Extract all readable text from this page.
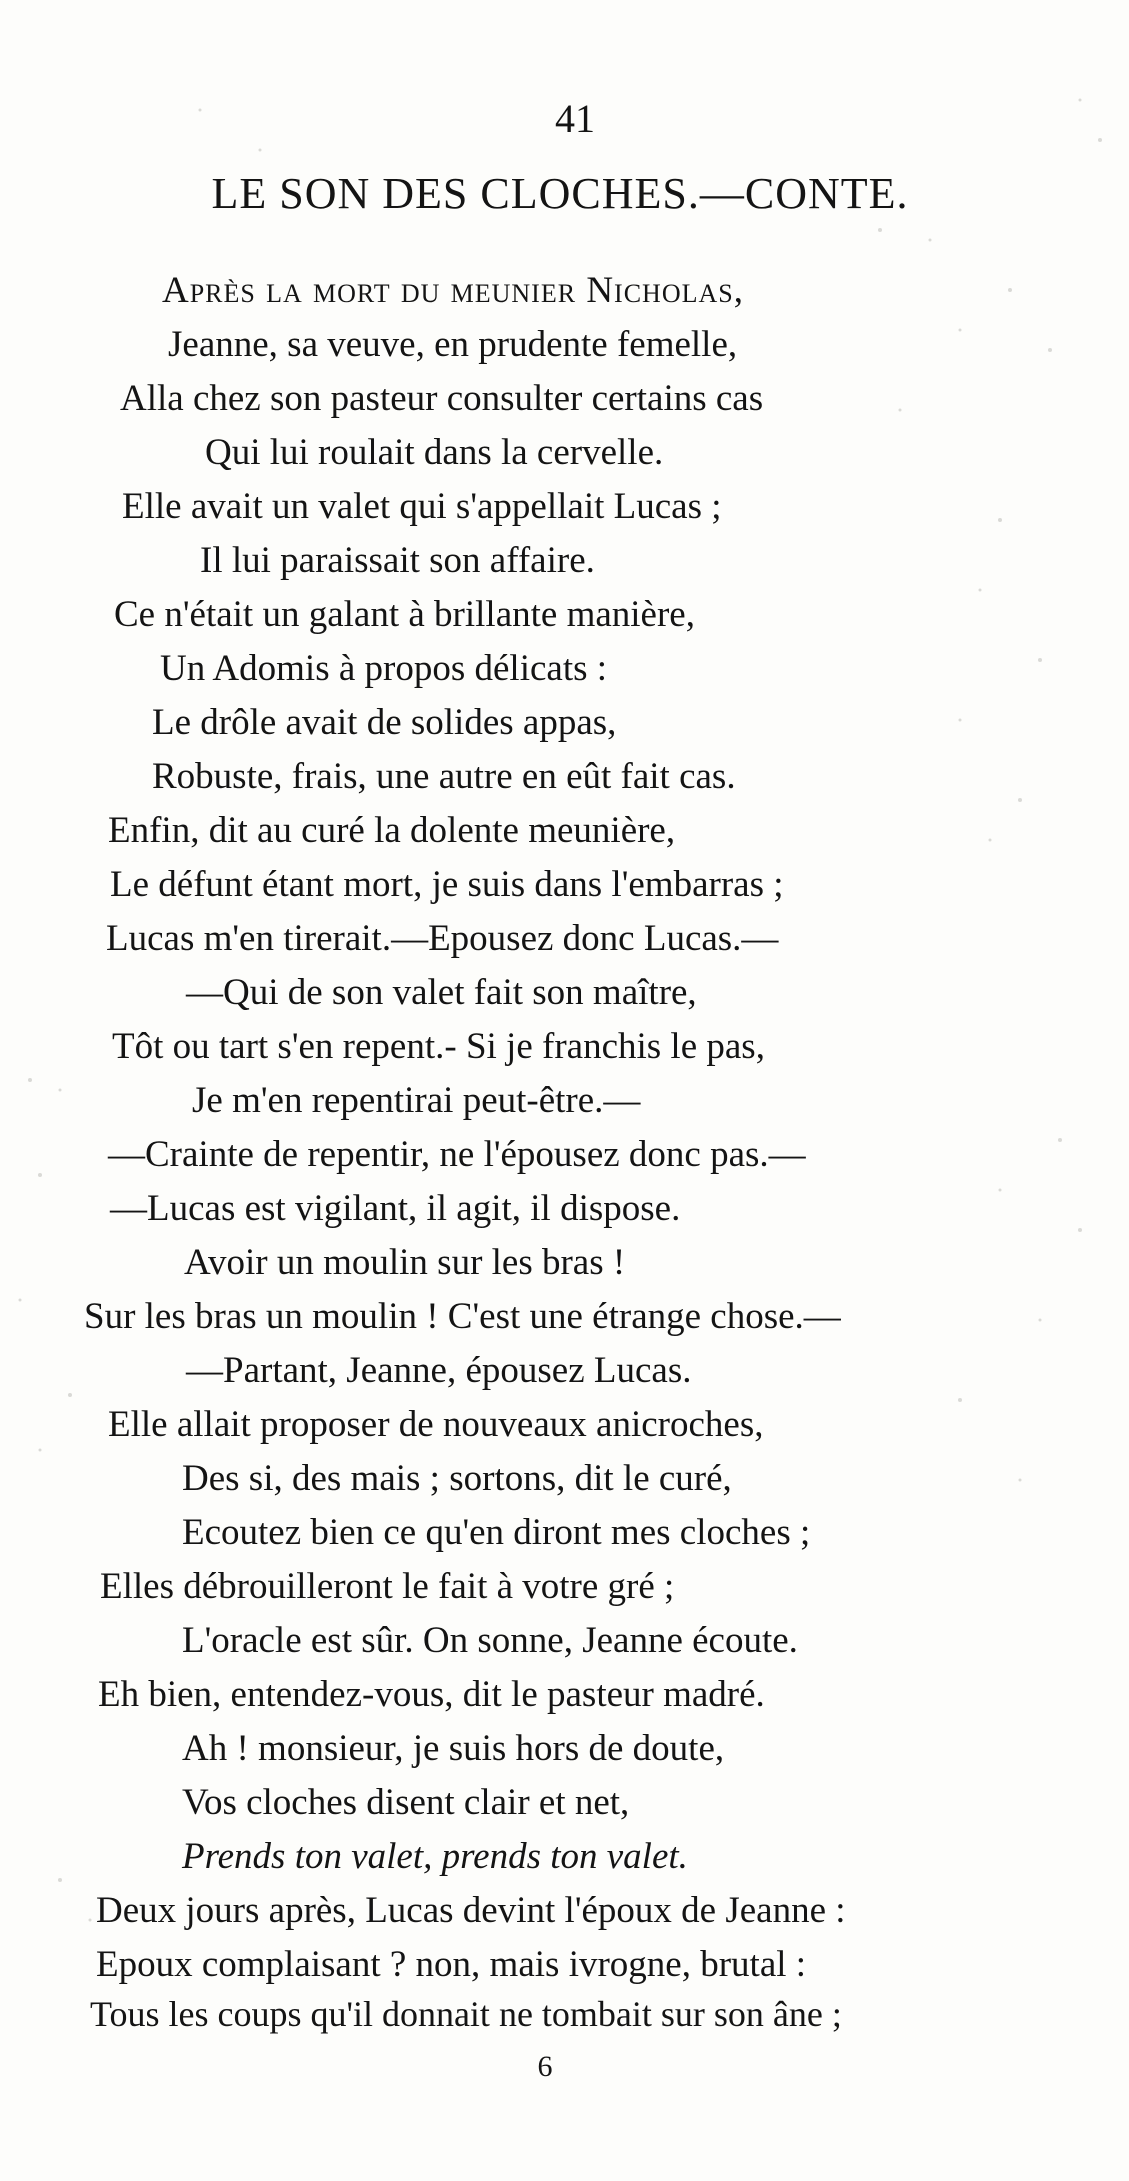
41
LE SON DES CLOCHES.—CONTE.
Après la mort du meunier Nicholas,
Jeanne, sa veuve, en prudente femelle,
Alla chez son pasteur consulter certains cas
Qui lui roulait dans la cervelle.
Elle avait un valet qui s'appellait Lucas ;
Il lui paraissait son affaire.
Ce n'était un galant à brillante manière,
Un Adomis à propos délicats :
Le drôle avait de solides appas,
Robuste, frais, une autre en eût fait cas.
Enfin, dit au curé la dolente meunière,
Le défunt étant mort, je suis dans l'embarras ;
Lucas m'en tirerait.—Epousez donc Lucas.—
—Qui de son valet fait son maître,
Tôt ou tart s'en repent.- Si je franchis le pas,
Je m'en repentirai peut-être.—
—Crainte de repentir, ne l'épousez donc pas.—
—Lucas est vigilant, il agit, il dispose.
Avoir un moulin sur les bras !
Sur les bras un moulin ! C'est une étrange chose.—
—Partant, Jeanne, épousez Lucas.
Elle allait proposer de nouveaux anicroches,
Des si, des mais ; sortons, dit le curé,
Ecoutez bien ce qu'en diront mes cloches ;
Elles débrouilleront le fait à votre gré ;
L'oracle est sûr. On sonne, Jeanne écoute.
Eh bien, entendez-vous, dit le pasteur madré.
Ah ! monsieur, je suis hors de doute,
Vos cloches disent clair et net,
Prends ton valet, prends ton valet.
Deux jours après, Lucas devint l'époux de Jeanne :
Epoux complaisant ? non, mais ivrogne, brutal :
Tous les coups qu'il donnait ne tombait sur son âne ;
6
